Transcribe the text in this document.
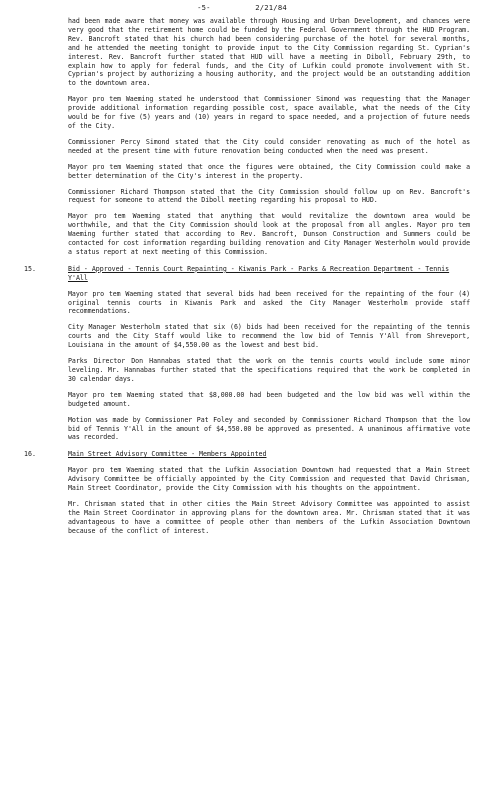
-5-	2/21/84

had been made aware that money was available through Housing and Urban Development, and chances were very good that the retirement home could be funded by the Federal Government through the HUD Program. Rev. Bancroft stated that his church had been considering purchase of the hotel for several months, and he attended the meeting tonight to provide input to the City Commission regarding St. Cyprian's interest. Rev. Bancroft further stated that HUD will have a meeting in Diboll, February 29th, to explain how to apply for federal funds, and the City of Lufkin could promote involvement with St. Cyprian's project by authorizing a housing authority, and the project would be an outstanding addition to the downtown area.

Mayor pro tem Waeming stated he understood that Commissioner Simond was requesting that the Manager provide additional information regarding possible cost, space available, what the needs of the City would be for five (5) years and (10) years in regard to space needed, and a projection of future needs of the City.

Commissioner Percy Simond stated that the City could consider renovating as much of the hotel as needed at the present time with future renovation being conducted when the need was present.

Mayor pro tem Waeming stated that once the figures were obtained, the City Commission could make a better determination of the City's interest in the property.

Commissioner Richard Thompson stated that the City Commission should follow up on Rev. Bancroft's request for someone to attend the Diboll meeting regarding his proposal to HUD.

Mayor pro tem Waeming stated that anything that would revitalize the downtown area would be worthwhile, and that the City Commission should look at the proposal from all angles. Mayor pro tem Waeming further stated that according to Rev. Bancroft, Dunson Construction and Summers could be contacted for cost information regarding building renovation and City Manager Westerholm would provide a status report at next meeting of this Commission.

15.	Bid - Approved - Tennis Court Repainting - Kiwanis Park - Parks & Recreation Department - Tennis Y'All

Mayor pro tem Waeming stated that several bids had been received for the repainting of the four (4) original tennis courts in Kiwanis Park and asked the City Manager Westerholm provide staff recommendations.

City Manager Westerholm stated that six (6) bids had been received for the repainting of the tennis courts and the City Staff would like to recommend the low bid of Tennis Y'All from Shreveport, Louisiana in the amount of $4,550.00 as the lowest and best bid.

Parks Director Don Hannabas stated that the work on the tennis courts would include some minor leveling. Mr. Hannabas further stated that the specifications required that the work be completed in 30 calendar days.

Mayor pro tem Waeming stated that $8,000.00 had been budgeted and the low bid was well within the budgeted amount.

Motion was made by Commissioner Pat Foley and seconded by Commissioner Richard Thompson that the low bid of Tennis Y'All in the amount of $4,550.00 be approved as presented. A unanimous affirmative vote was recorded.

16.	Main Street Advisory Committee - Members Appointed

Mayor pro tem Waeming stated that the Lufkin Association Downtown had requested that a Main Street Advisory Committee be officially appointed by the City Commission and requested that David Chrisman, Main Street Coordinator, provide the City Commission with his thoughts on the appointment.

Mr. Chrisman stated that in other cities the Main Street Advisory Committee was appointed to assist the Main Street Coordinator in approving plans for the downtown area. Mr. Chrisman stated that it was advantageous to have a committee of people other than members of the Lufkin Association Downtown because of the conflict of interest.
